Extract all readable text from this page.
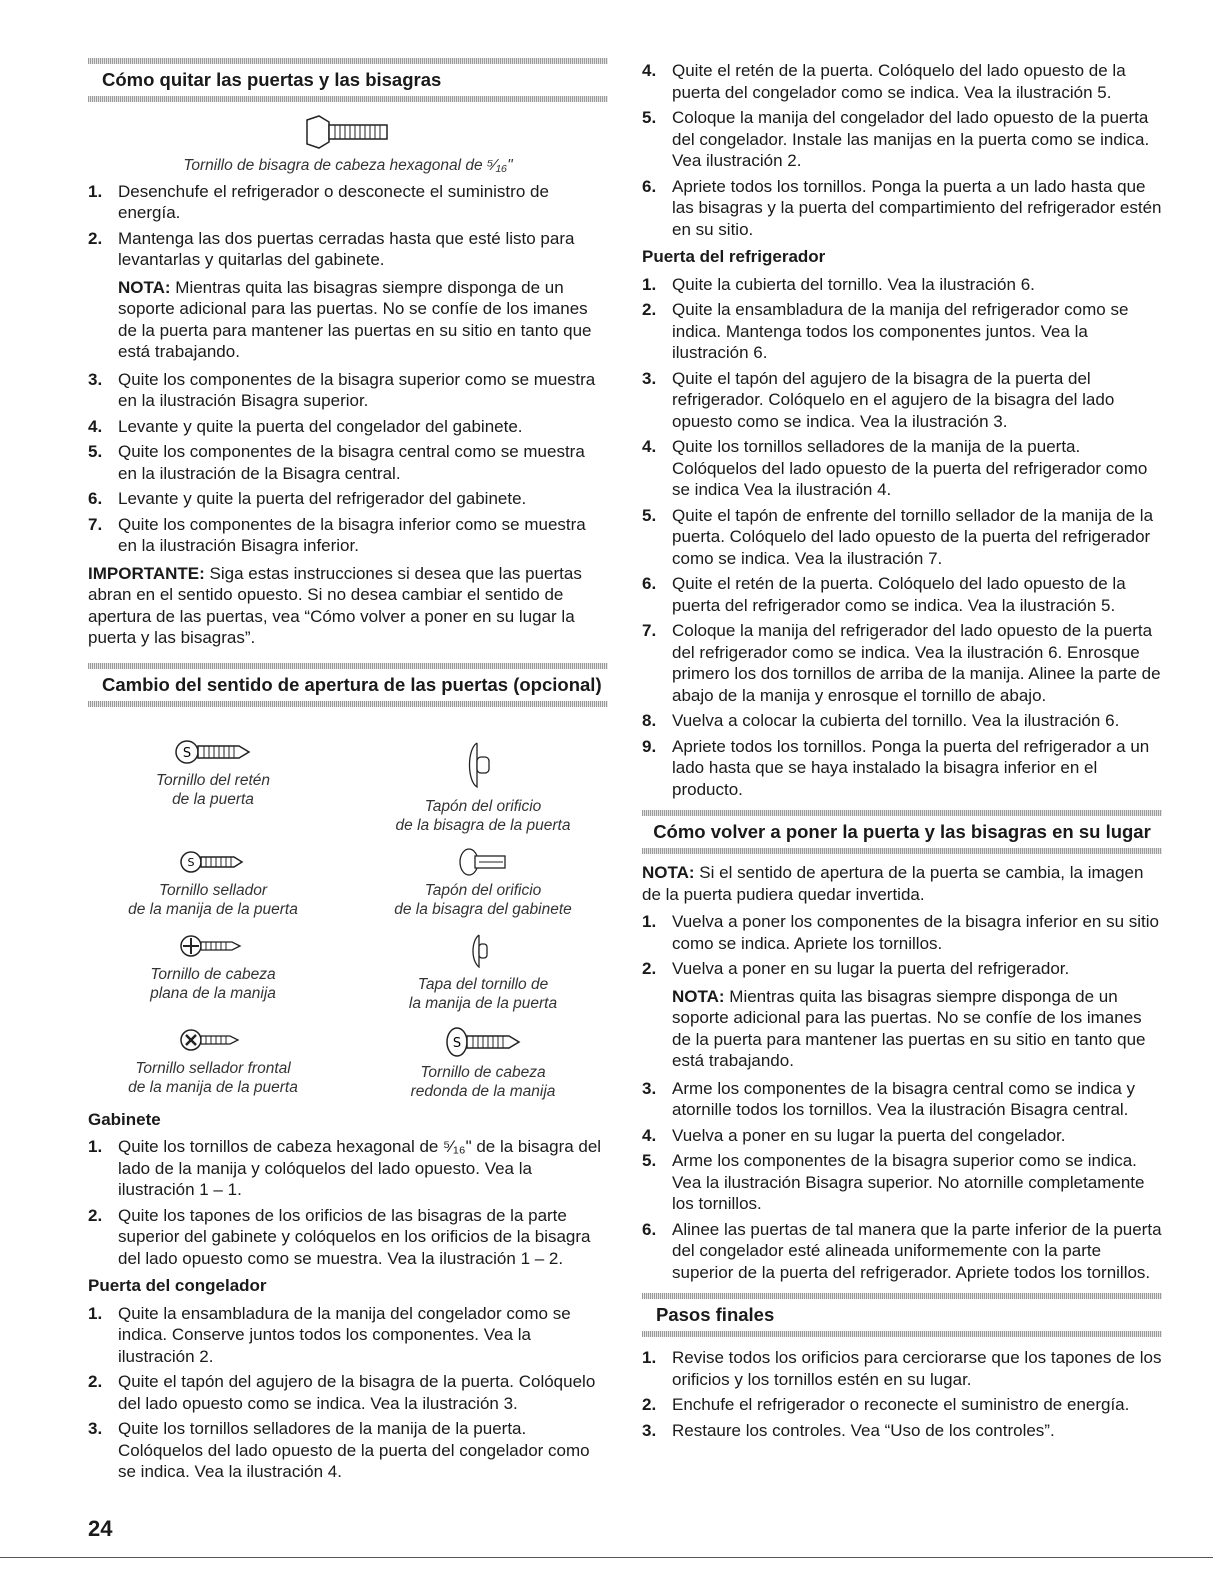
Cómo quitar las puertas y las bisagras
Tornillo de bisagra de cabeza hexagonal de ⁵⁄₁₆"
1. Desenchufe el refrigerador o desconecte el suministro de energía.
2. Mantenga las dos puertas cerradas hasta que esté listo para levantarlas y quitarlas del gabinete.
NOTA: Mientras quita las bisagras siempre disponga de un soporte adicional para las puertas. No se confíe de los imanes de la puerta para mantener las puertas en su sitio en tanto que está trabajando.
3. Quite los componentes de la bisagra superior como se muestra en la ilustración Bisagra superior.
4. Levante y quite la puerta del congelador del gabinete.
5. Quite los componentes de la bisagra central como se muestra en la ilustración de la Bisagra central.
6. Levante y quite la puerta del refrigerador del gabinete.
7. Quite los componentes de la bisagra inferior como se muestra en la ilustración Bisagra inferior.
IMPORTANTE: Siga estas instrucciones si desea que las puertas abran en el sentido opuesto. Si no desea cambiar el sentido de apertura de las puertas, vea “Cómo volver a poner en su lugar la puerta y las bisagras”.
Cambio del sentido de apertura de las puertas (opcional)
S
Tornillo del retén
de la puerta	Tapón del orificio
de la bisagra de la puerta
S
Tornillo sellador
de la manija de la puerta
Tapón del orificio
de la bisagra del gabinete
Tornillo de cabeza
plana de la manija
Tapa del tornillo de
la manija de la puerta
Tornillo sellador frontal
de la manija de la puerta
S
Tornillo de cabeza
redonda de la manija
Gabinete
1. Quite los tornillos de cabeza hexagonal de ⁵⁄₁₆" de la bisagra del lado de la manija y colóquelos del lado opuesto. Vea la ilustración 1 – 1.
2. Quite los tapones de los orificios de las bisagras de la parte superior del gabinete y colóquelos en los orificios de la bisagra del lado opuesto como se muestra. Vea la ilustración 1 – 2.
Puerta del congelador
1. Quite la ensambladura de la manija del congelador como se indica. Conserve juntos todos los componentes. Vea la ilustración 2.
2. Quite el tapón del agujero de la bisagra de la puerta. Colóquelo del lado opuesto como se indica. Vea la ilustración 3.
3. Quite los tornillos selladores de la manija de la puerta. Colóquelos del lado opuesto de la puerta del congelador como se indica. Vea la ilustración 4.
4. Quite el retén de la puerta. Colóquelo del lado opuesto de la puerta del congelador como se indica. Vea la ilustración 5.
5. Coloque la manija del congelador del lado opuesto de la puerta del congelador. Instale las manijas en la puerta como se indica. Vea ilustración 2.
6. Apriete todos los tornillos. Ponga la puerta a un lado hasta que las bisagras y la puerta del compartimiento del refrigerador estén en su sitio.
Puerta del refrigerador
1. Quite la cubierta del tornillo. Vea la ilustración 6.
2. Quite la ensambladura de la manija del refrigerador como se indica. Mantenga todos los componentes juntos. Vea la ilustración 6.
3. Quite el tapón del agujero de la bisagra de la puerta del refrigerador. Colóquelo en el agujero de la bisagra del lado opuesto como se indica. Vea la ilustración 3.
4. Quite los tornillos selladores de la manija de la puerta. Colóquelos del lado opuesto de la puerta del refrigerador como se indica Vea la ilustración 4.
5. Quite el tapón de enfrente del tornillo sellador de la manija de la puerta. Colóquelo del lado opuesto de la puerta del refrigerador como se indica. Vea la ilustración 7.
6. Quite el retén de la puerta. Colóquelo del lado opuesto de la puerta del refrigerador como se indica. Vea la ilustración 5.
7. Coloque la manija del refrigerador del lado opuesto de la puerta del refrigerador como se indica. Vea la ilustración 6. Enrosque primero los dos tornillos de arriba de la manija. Alinee la parte de abajo de la manija y enrosque el tornillo de abajo.
8. Vuelva a colocar la cubierta del tornillo. Vea la ilustración 6.
9. Apriete todos los tornillos. Ponga la puerta del refrigerador a un lado hasta que se haya instalado la bisagra inferior en el producto.
Cómo volver a poner la puerta y las bisagras en su lugar
NOTA: Si el sentido de apertura de la puerta se cambia, la imagen de la puerta pudiera quedar invertida.
1. Vuelva a poner los componentes de la bisagra inferior en su sitio como se indica. Apriete los tornillos.
2. Vuelva a poner en su lugar la puerta del refrigerador.
NOTA: Mientras quita las bisagras siempre disponga de un soporte adicional para las puertas. No se confíe de los imanes de la puerta para mantener las puertas en su sitio en tanto que está trabajando.
3. Arme los componentes de la bisagra central como se indica y atornille todos los tornillos. Vea la ilustración Bisagra central.
4. Vuelva a poner en su lugar la puerta del congelador.
5. Arme los componentes de la bisagra superior como se indica. Vea la ilustración Bisagra superior. No atornille completamente los tornillos.
6. Alinee las puertas de tal manera que la parte inferior de la puerta del congelador esté alineada uniformemente con la parte superior de la puerta del refrigerador. Apriete todos los tornillos.
Pasos finales
1. Revise todos los orificios para cerciorarse que los tapones de los orificios y los tornillos estén en su lugar.
2. Enchufe el refrigerador o reconecte el suministro de energía.
3. Restaure los controles. Vea “Uso de los controles”.
24
